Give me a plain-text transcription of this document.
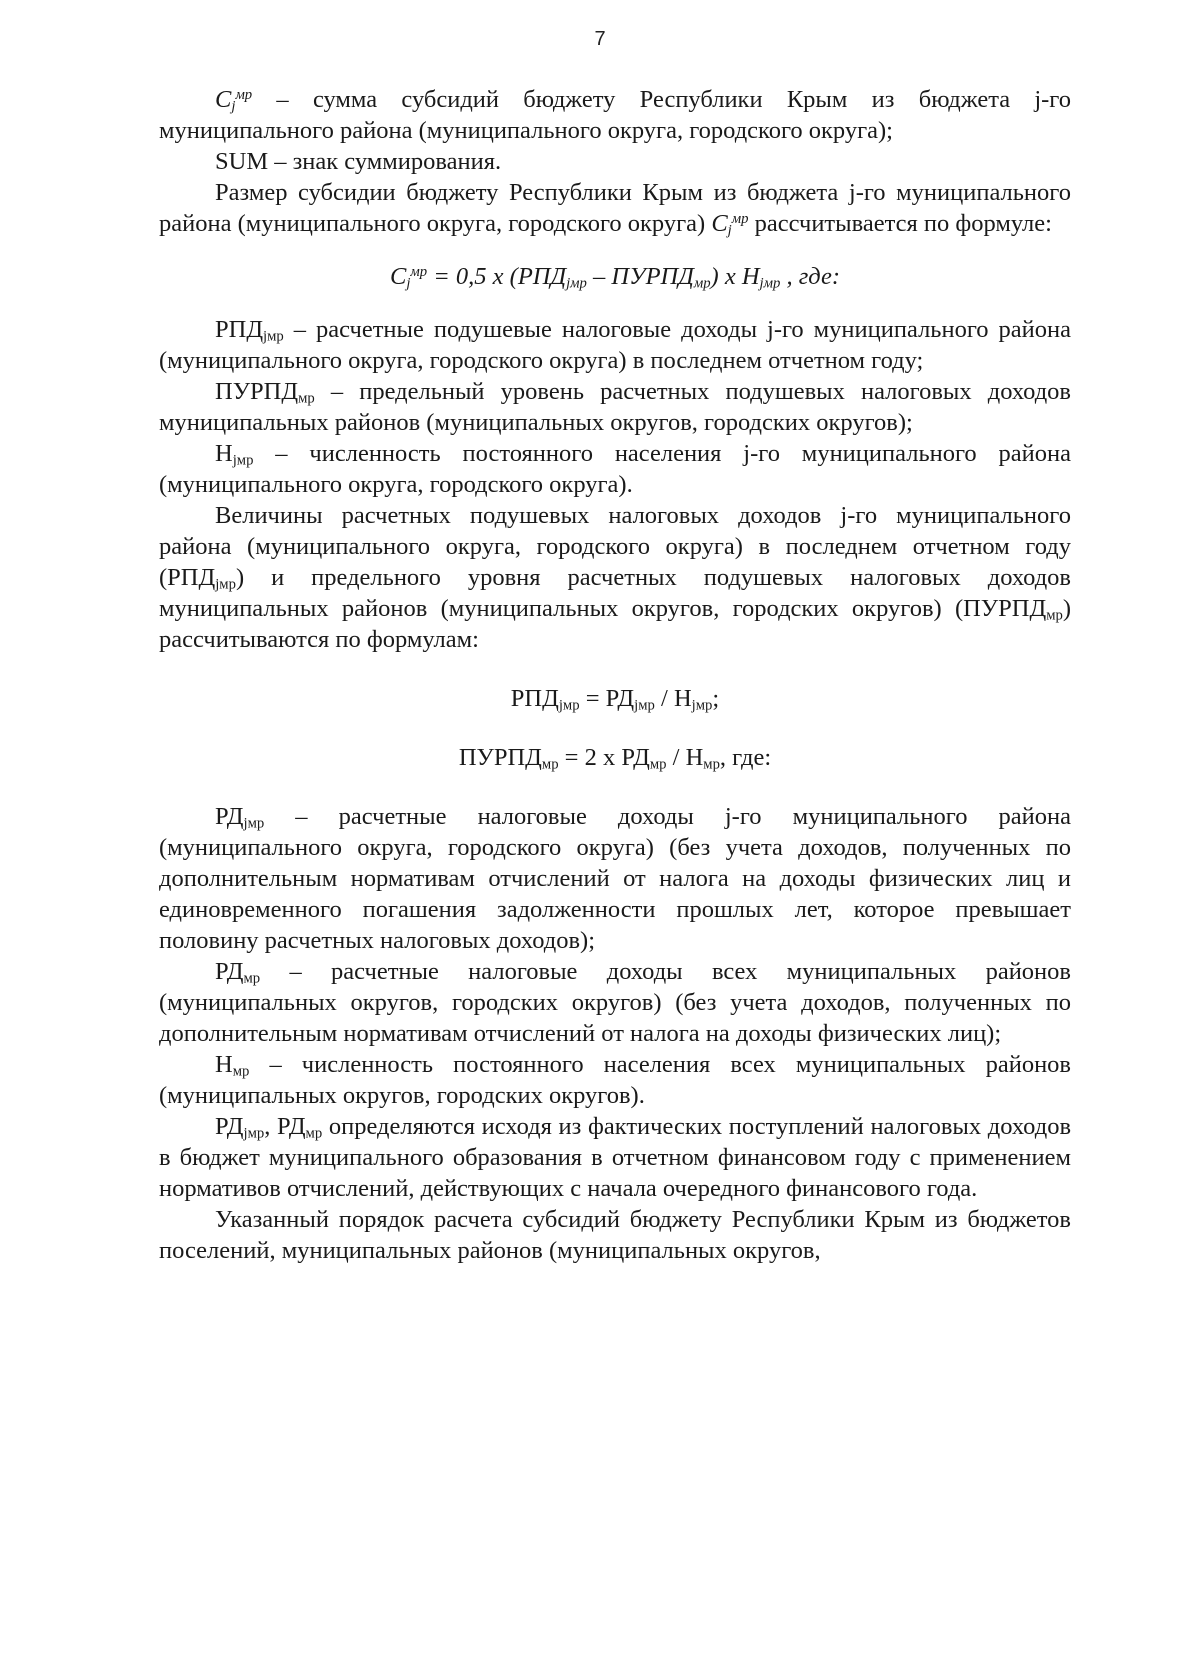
7

$C_j^{мр}$ – сумма субсидий бюджету Республики Крым из бюджета j-го муниципального района (муниципального округа, городского округа);

SUM – знак суммирования.

Размер субсидии бюджету Республики Крым из бюджета j-го муниципального района (муниципального округа, городского округа) $C_j^{мр}$ рассчитывается по формуле:

$C_j^{мр} = 0,5$ x ($РПД_{jмр}$ – $ПУРПД_{мр}$) x $Н_{jмр}$ , где:

$РПД_{jмр}$ – расчетные подушевые налоговые доходы j-го муниципального района (муниципального округа, городского округа) в последнем отчетном году;

$ПУРПД_{мр}$ – предельный уровень расчетных подушевых налоговых доходов муниципальных районов (муниципальных округов, городских округов);

$Н_{jмр}$ – численность постоянного населения j-го муниципального района (муниципального округа, городского округа).

Величины расчетных подушевых налоговых доходов j-го муниципального района (муниципального округа, городского округа) в последнем отчетном году $(РПД_{jмр})$ и предельного уровня расчетных подушевых налоговых доходов муниципальных районов (муниципальных округов, городских округов) $(ПУРПД_{мр})$ рассчитываются по формулам:

$РПД_{jмр} = РД_{jмр} / Н_{jмр}$;

$ПУРПД_{мр} = 2$ x $РД_{мр} / Н_{мр}$, где:

$РД_{jмр}$ – расчетные налоговые доходы j-го муниципального района (муниципального округа, городского округа) (без учета доходов, полученных по дополнительным нормативам отчислений от налога на доходы физических лиц и единовременного погашения задолженности прошлых лет, которое превышает половину расчетных налоговых доходов);

$РД_{мр}$ – расчетные налоговые доходы всех муниципальных районов (муниципальных округов, городских округов) (без учета доходов, полученных по дополнительным нормативам отчислений от налога на доходы физических лиц);

$Н_{мр}$ – численность постоянного населения всех муниципальных районов (муниципальных округов, городских округов).

$РД_{jмр}$, $РД_{мр}$ определяются исходя из фактических поступлений налоговых доходов в бюджет муниципального образования в отчетном финансовом году с применением нормативов отчислений, действующих с начала очередного финансового года.

Указанный порядок расчета субсидий бюджету Республики Крым из бюджетов поселений, муниципальных районов (муниципальных округов,
